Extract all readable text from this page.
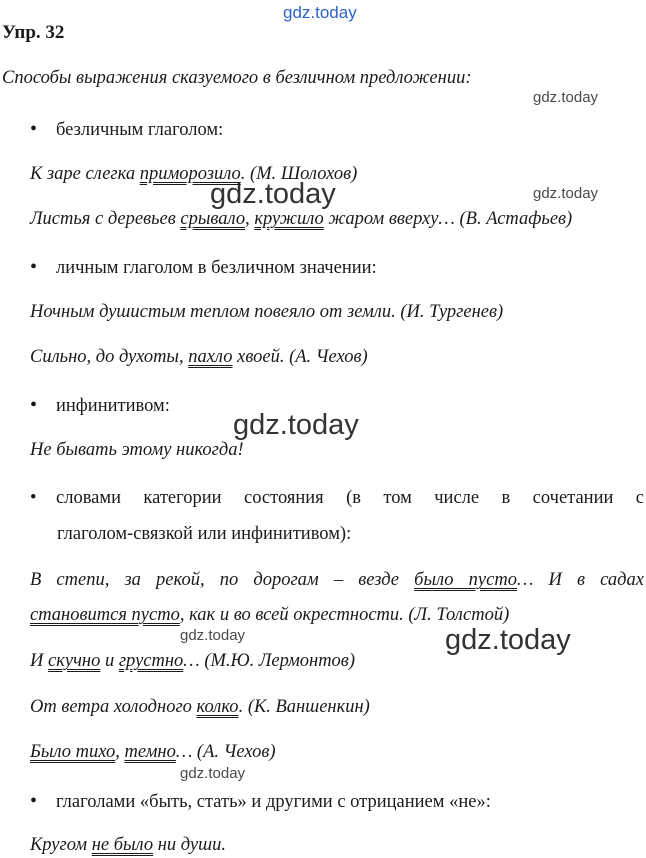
gdz.today
gdz.today
gdz.today	gdz.today
gdz.today
gdz.today	gdz.today
gdz.today
Упр. 32
Способы выражения сказуемого в безличном предложении:
• безличным глаголом:
К заре слегка приморозило. (М. Шолохов)
Листья с деревьев срывало, кружило жаром вверху… (В. Астафьев)
• личным глаголом в безличном значении:
Ночным душистым теплом повеяло от земли. (И. Тургенев)
Сильно, до духоты, пахло хвоей. (А. Чехов)
• инфинитивом:
Не бывать этому никогда!
• словами категории состояния (в том числе в сочетании с
глаголом-связкой или инфинитивом):
В степи, за рекой, по дорогам – везде было пусто… И в садах
становится пусто, как и во всей окрестности. (Л. Толстой)
И скучно и грустно… (М.Ю. Лермонтов)
От ветра холодного колко. (К. Ваншенкин)
Было тихо, темно… (А. Чехов)
• глаголами «быть, стать» и другими с отрицанием «не»:
Кругом не было ни души.
